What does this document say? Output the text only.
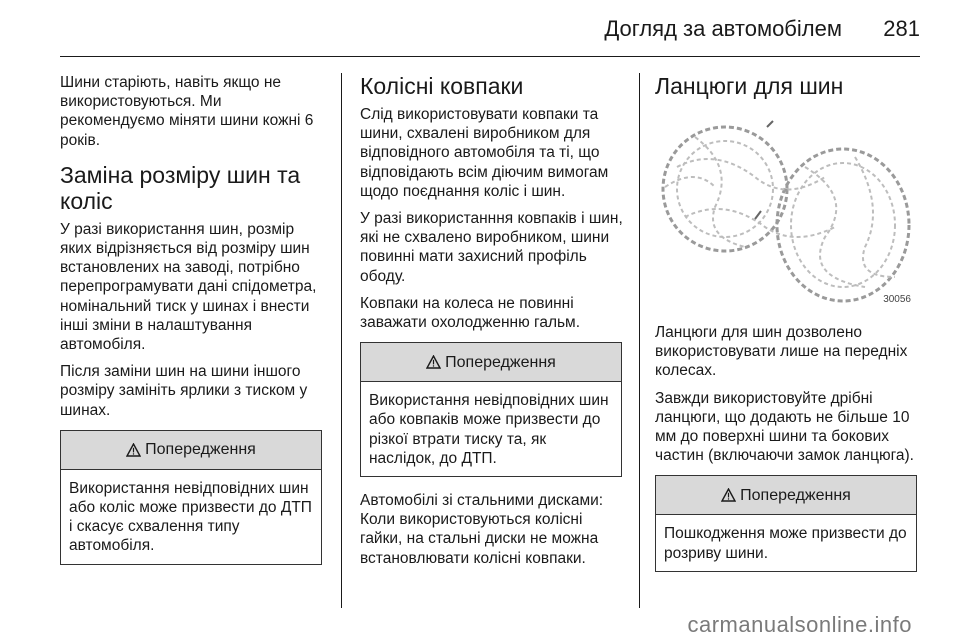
Догляд за автомобілем 281

Шини старіють, навіть якщо не використовуються. Ми рекомендуємо міняти шини кожні 6 років.

Заміна розміру шин та коліс

У разі використання шин, розмір яких відрізняється від розміру шин встановлених на заводі, потрібно перепрограмувати дані спідометра, номінальний тиск у шинах і внести інші зміни в налаштування автомобіля.

Після заміни шин на шини іншого розміру замініть ярлики з тиском у шинах.

Попередження
Використання невідповідних шин або коліс може призвести до ДТП і скасує схвалення типу автомобіля.
Колісні ковпаки

Слід використовувати ковпаки та шини, схвалені виробником для відповідного автомобіля та ті, що відповідають всім діючим вимогам щодо поєднання коліс і шин.

У разі використанння ковпаків і шин, які не схвалено виробником, шини повинні мати захисний профіль ободу.

Ковпаки на колеса не повинні заважати охолодженню гальм.

Попередження
Використання невідповідних шин або ковпаків може призвести до різкої втрати тиску та, як наслідок, до ДТП.

Автомобілі зі стальними дисками: Коли використовуються колісні гайки, на стальні диски не можна встановлювати колісні ковпаки.

Ланцюги для шин
30056

Ланцюги для шин дозволено використовувати лише на передніх колесах.

Завжди використовуйте дрібні ланцюги, що додають не більше 10 мм до поверхні шини та бокових частин (включаючи замок ланцюга).

Попередження
Пошкодження може призвести до розриву шини.
carmanualsonline.info
